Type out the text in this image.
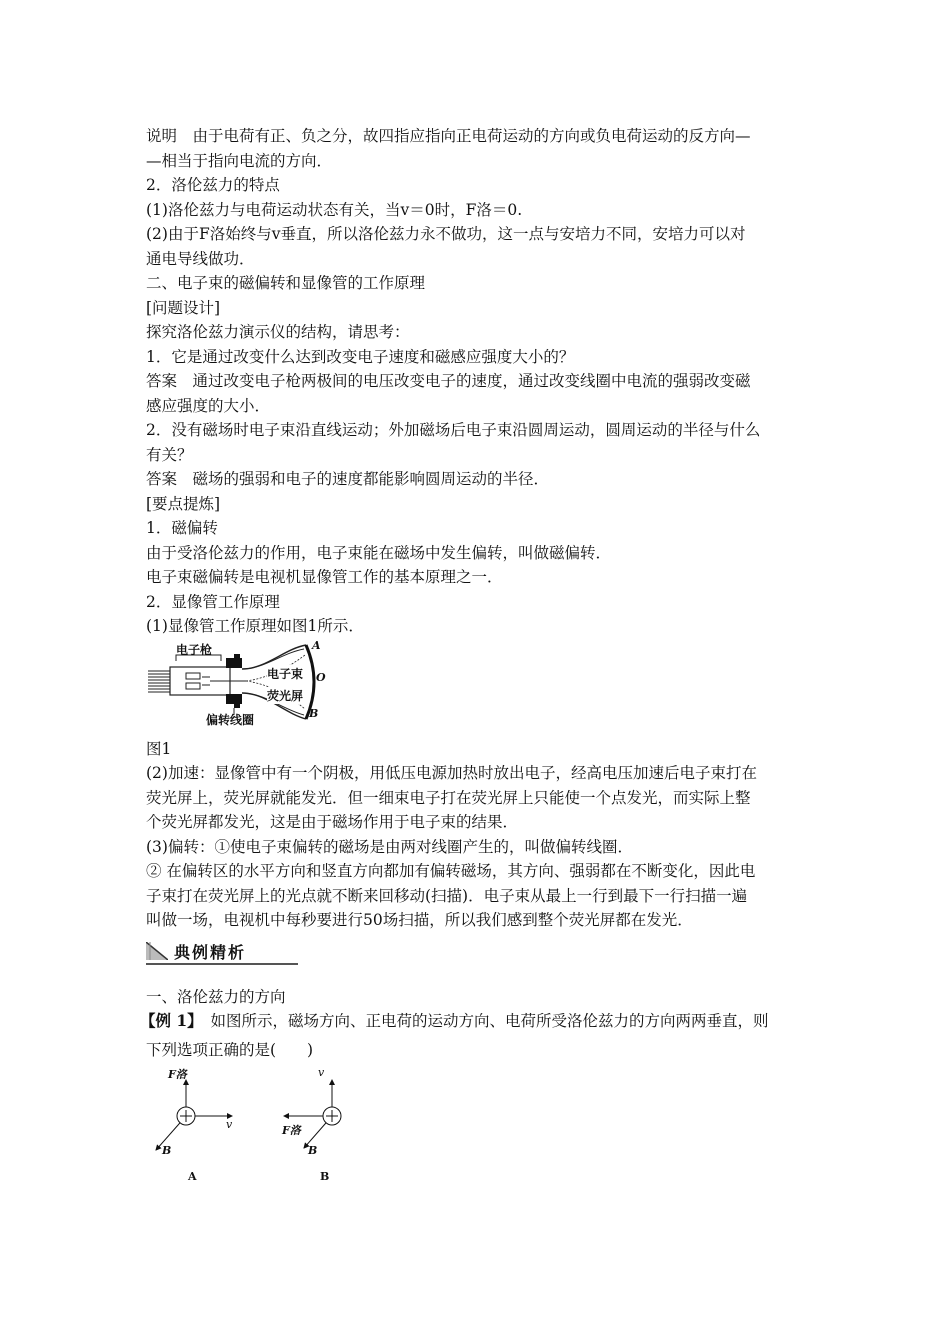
说明　由于电荷有正、负之分，故四指应指向正电荷运动的方向或负电荷运动的反方向—
—相当于指向电流的方向．
2．洛伦兹力的特点
(1)洛伦兹力与电荷运动状态有关，当v＝0时，F洛＝0.
(2)由于F洛始终与v垂直，所以洛伦兹力永不做功，这一点与安培力不同，安培力可以对
通电导线做功．
二、电子束的磁偏转和显像管的工作原理
[问题设计]
探究洛伦兹力演示仪的结构，请思考：
1．它是通过改变什么达到改变电子速度和磁感应强度大小的？
答案　通过改变电子枪两极间的电压改变电子的速度，通过改变线圈中电流的强弱改变磁
感应强度的大小．
2．没有磁场时电子束沿直线运动；外加磁场后电子束沿圆周运动，圆周运动的半径与什么
有关？
答案　磁场的强弱和电子的速度都能影响圆周运动的半径．
[要点提炼]
1．磁偏转
由于受洛伦兹力的作用，电子束能在磁场中发生偏转，叫做磁偏转．
电子束磁偏转是电视机显像管工作的基本原理之一．
2．显像管工作原理
(1)显像管工作原理如图1所示．
电子枪
电子束
荧光屏
偏转线圈
A
O
B
图1
(2)加速：显像管中有一个阴极，用低压电源加热时放出电子，经高电压加速后电子束打在
荧光屏上，荧光屏就能发光．但一细束电子打在荧光屏上只能使一个点发光，而实际上整
个荧光屏都发光，这是由于磁场作用于电子束的结果．
(3)偏转：①使电子束偏转的磁场是由两对线圈产生的，叫做偏转线圈．
② 在偏转区的水平方向和竖直方向都加有偏转磁场，其方向、强弱都在不断变化，因此电
子束打在荧光屏上的光点就不断来回移动(扫描)．电子束从最上一行到最下一行扫描一遍
叫做一场，电视机中每秒要进行50场扫描，所以我们感到整个荧光屏都在发光．
典例精析
一、洛伦兹力的方向
【例 1】　如图所示，磁场方向、正电荷的运动方向、电荷所受洛伦兹力的方向两两垂直，则
下列选项正确的是(　　)
F洛
v
B
A
v
F洛
B
B
